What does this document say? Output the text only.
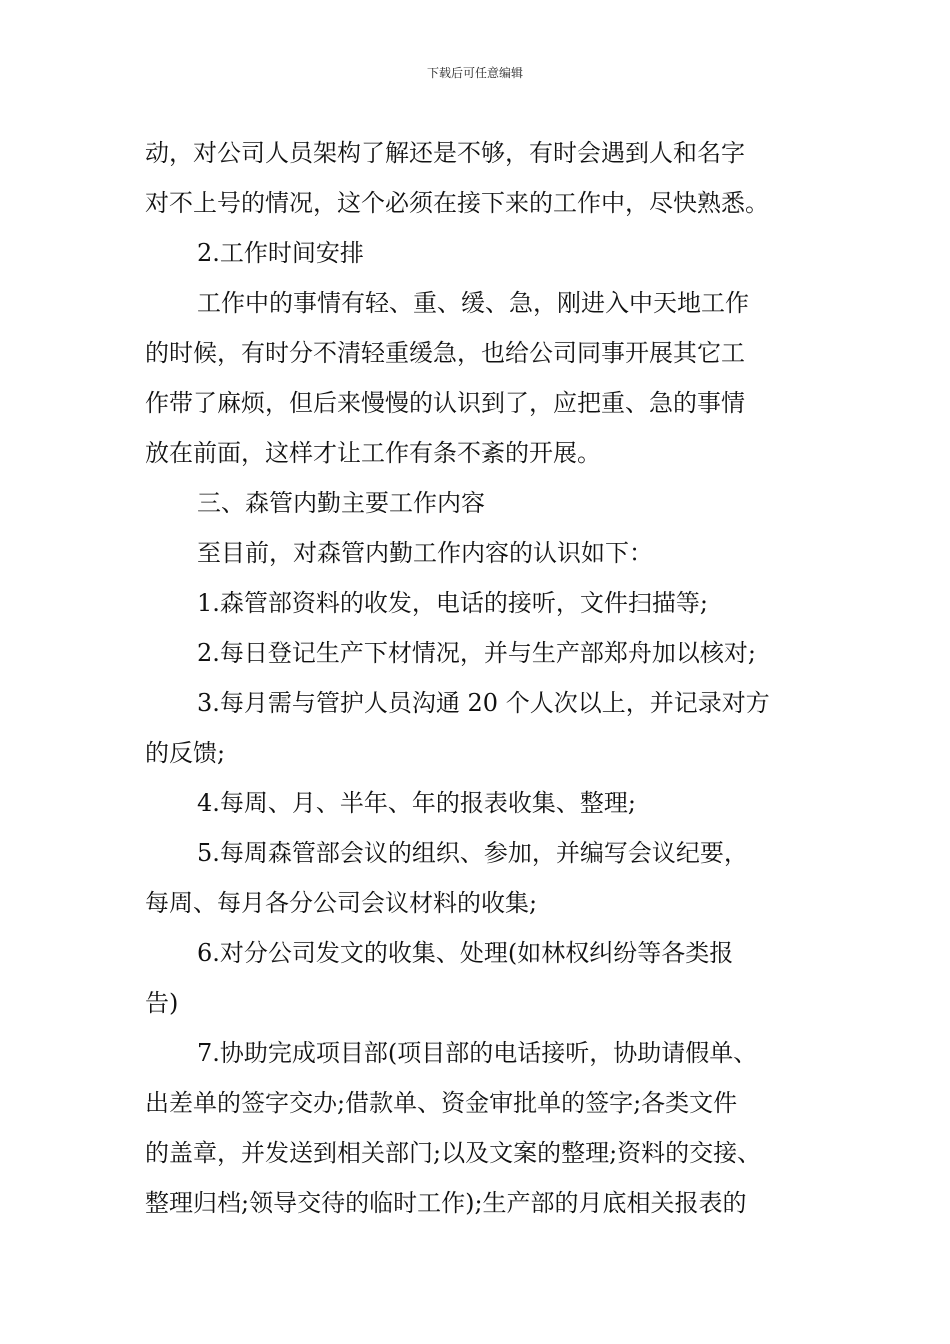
下载后可任意编辑
动，对公司人员架构了解还是不够，有时会遇到人和名字
对不上号的情况，这个必须在接下来的工作中，尽快熟悉。
2.工作时间安排
工作中的事情有轻、重、缓、急，刚进入中天地工作
的时候，有时分不清轻重缓急，也给公司同事开展其它工
作带了麻烦，但后来慢慢的认识到了，应把重、急的事情
放在前面，这样才让工作有条不紊的开展。
三、森管内勤主要工作内容
至目前，对森管内勤工作内容的认识如下：
1.森管部资料的收发，电话的接听，文件扫描等;
2.每日登记生产下材情况，并与生产部郑舟加以核对;
3.每月需与管护人员沟通 20 个人次以上，并记录对方
的反馈;
4.每周、月、半年、年的报表收集、整理;
5.每周森管部会议的组织、参加，并编写会议纪要，
每周、每月各分公司会议材料的收集;
6.对分公司发文的收集、处理(如林权纠纷等各类报
告)
7.协助完成项目部(项目部的电话接听，协助请假单、
出差单的签字交办;借款单、资金审批单的签字;各类文件
的盖章，并发送到相关部门;以及文案的整理;资料的交接、
整理归档;领导交待的临时工作);生产部的月底相关报表的
